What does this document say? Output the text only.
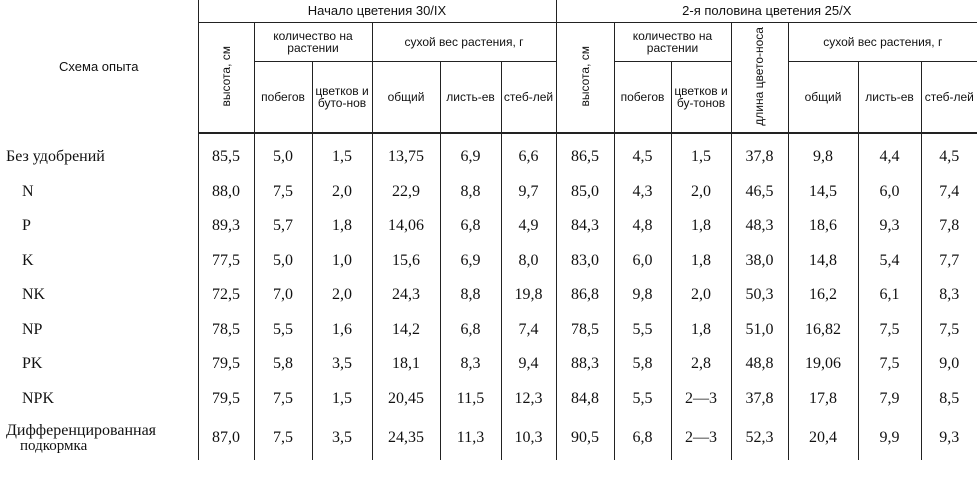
Схема опыта	Начало цветения 30/IX						2-я половина цветения 25/X						
	высота, см	количество на растении		сухой вес растения, г			высота, см	количество на растении		длина цвето-носа	сухой вес растения, г		
		побегов	цветков и буто-нов	общий	листь-ев	стеб-лей		побегов	цветков и бу-тонов		общий	листь-ев	стеб-лей
Без удобрений	85,5	5,0	1,5	13,75	6,9	6,6	86,5	4,5	1,5	37,8	9,8	4,4	4,5
N	88,0	7,5	2,0	22,9	8,8	9,7	85,0	4,3	2,0	46,5	14,5	6,0	7,4
P	89,3	5,7	1,8	14,06	6,8	4,9	84,3	4,8	1,8	48,3	18,6	9,3	7,8
K	77,5	5,0	1,0	15,6	6,9	8,0	83,0	6,0	1,8	38,0	14,8	5,4	7,7
NK	72,5	7,0	2,0	24,3	8,8	19,8	86,8	9,8	2,0	50,3	16,2	6,1	8,3
NP	78,5	5,5	1,6	14,2	6,8	7,4	78,5	5,5	1,8	51,0	16,82	7,5	7,5
PK	79,5	5,8	3,5	18,1	8,3	9,4	88,3	5,8	2,8	48,8	19,06	7,5	9,0
NPK	79,5	7,5	1,5	20,45	11,5	12,3	84,8	5,5	2—3	37,8	17,8	7,9	8,5

Дифференцированная
подкормка	87,0	7,5	3,5	24,35	11,3	10,3	90,5	6,8	2—3	52,3	20,4	9,9	9,3
